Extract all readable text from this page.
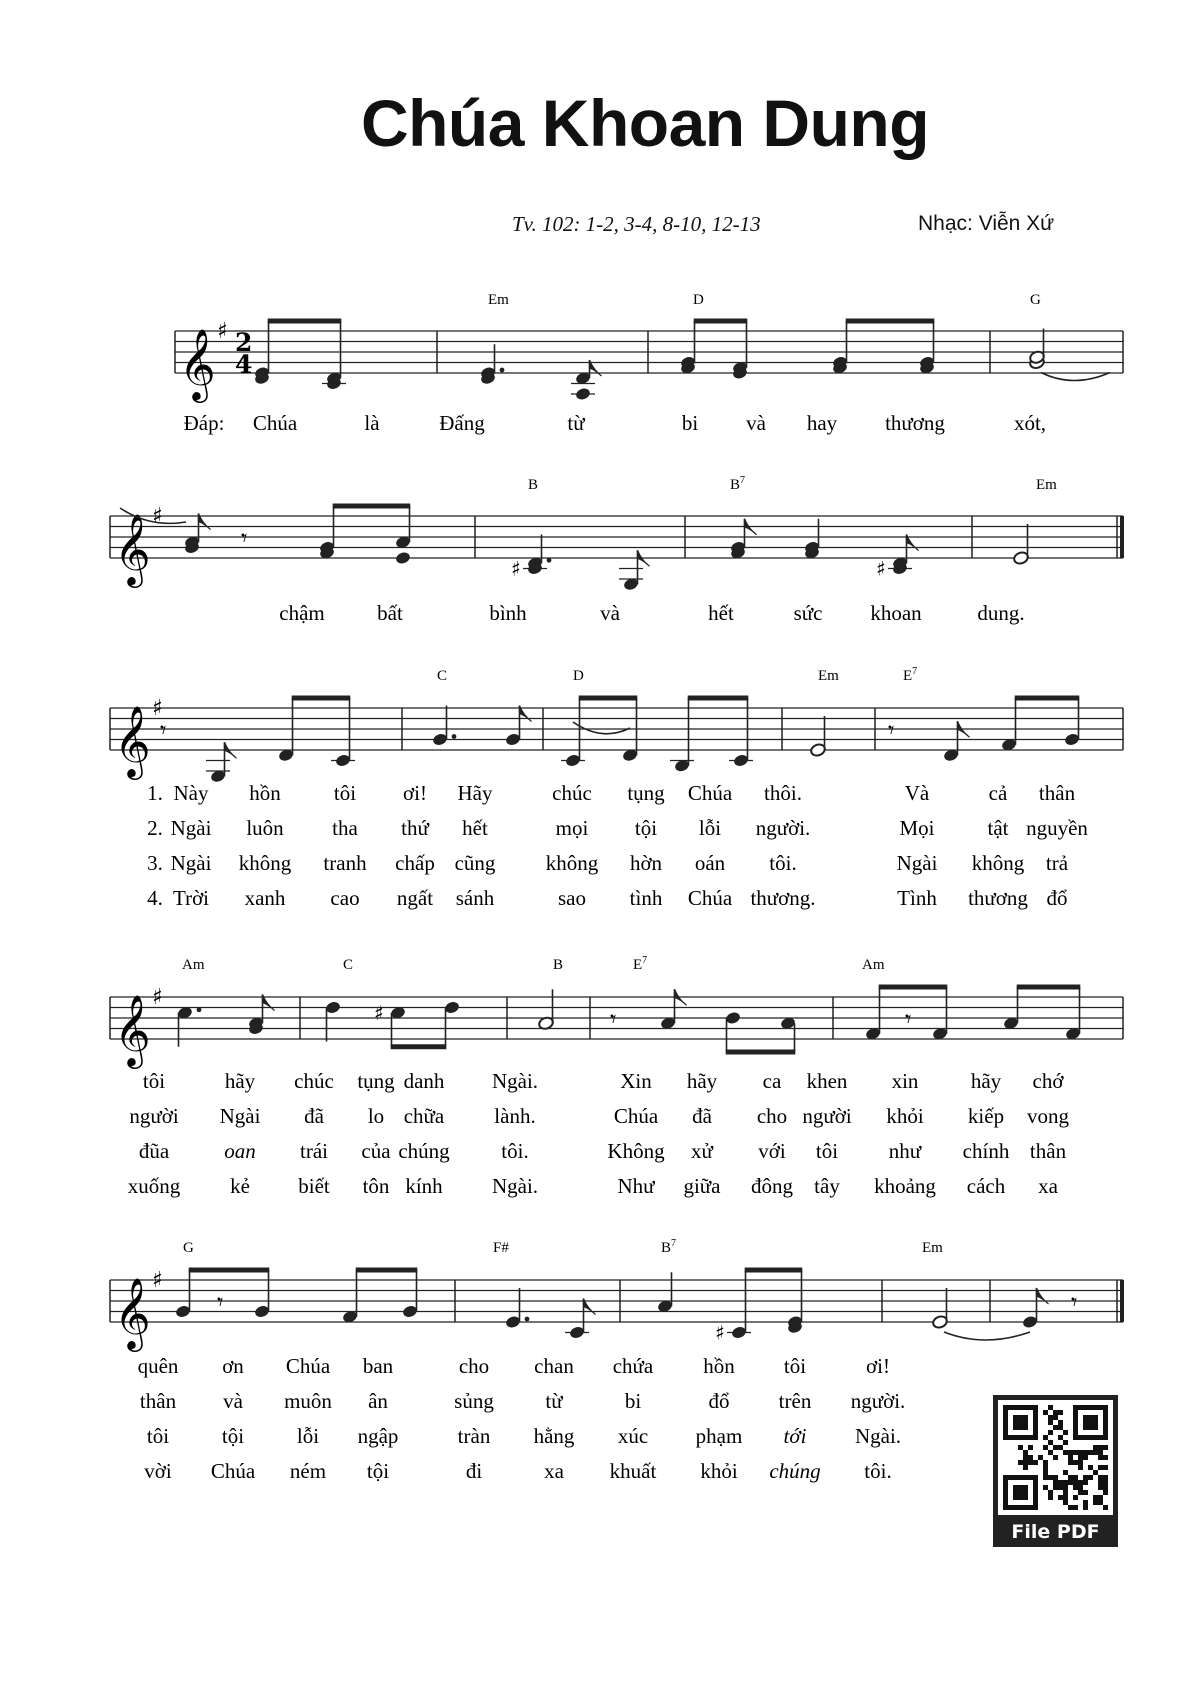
Chúa Khoan Dung
Tv. 102: 1-2, 3-4, 8-10, 12-13	Nhạc: Viễn Xứ
𝄞 ♯ 2
4
𝄞 ♯
𝄞 ♯
𝄞 ♯
𝄞 ♯
𝄾
♯	♯
𝄾	𝄾
♯	𝄾	𝄾
𝄾
♯
𝄾
Em	D	G
B	$B^7$	Em
C	D	Em	$E^7$
Am	C	B	$E^7$	Am
G	F#	$B^7$	Em
Đáp: Chúa	là	Đấng	từ	bi và hay thương	xót,
chậm bất	bình	và	hết	sức khoan	dung.
1. Này hồn	tôi ơi! Hãy	chúc tụng Chúa thôi.	Và	cả thân
2. Ngài luôn tha thứ hết	mọi tội lỗi người.	Mọi	tật nguyền
3. Ngài không tranh chấp cũng không hờn oán tôi.	Ngài không trả
4. Trời xanh cao ngất sánh	sao tình Chúa thương.	Tình thương đổ
tôi	hãy chúc tụng danh Ngài.	Xin hãy ca khen xin hãy chớ
người Ngài đã lo chữa lành.	Chúa đã cho người khỏi kiếp vong
đũa	oan trái của chúng tôi.	Không xử với tôi như chính thân
xuống kẻ biết tôn kính Ngài.	Như giữa đông tây khoảng cách xa
quên ơn Chúa ban	cho chan chứa hồn tôi	ơi!
thân và muôn ân	sủng từ	bi	đổ trên người.
tôi	tội	lỗi ngập	tràn hằng xúc phạm tới Ngài.
vời Chúa ném tội	đi	xa khuất khỏi chúng tôi.
File PDF
